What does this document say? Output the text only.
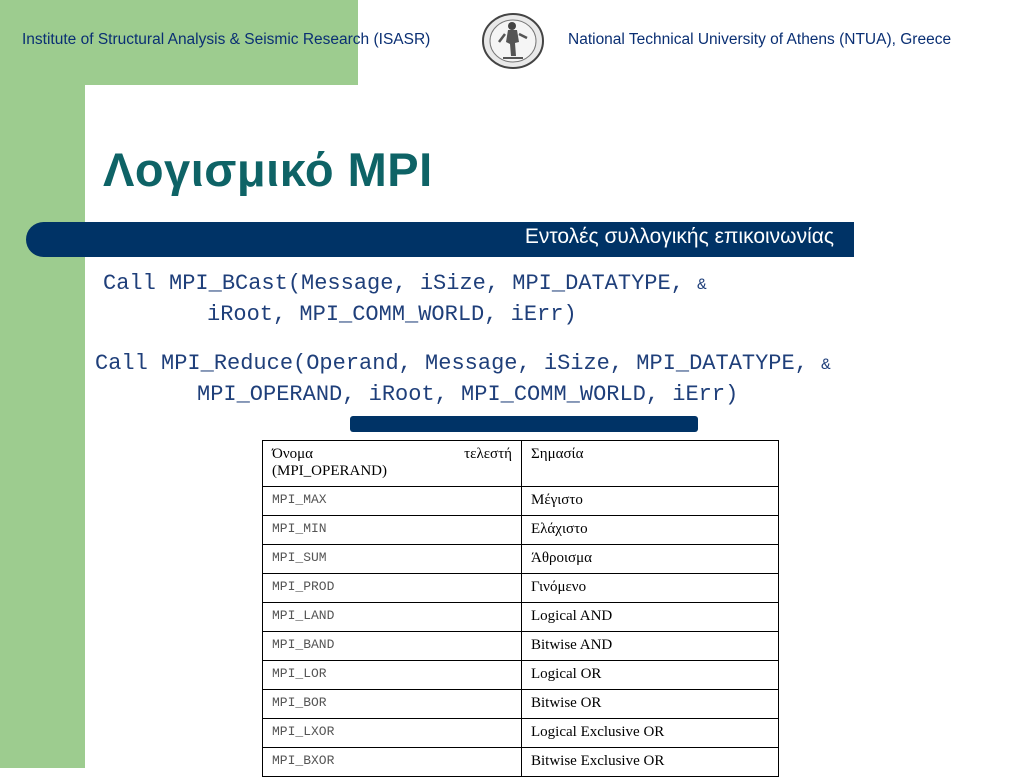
Institute of Structural Analysis & Seismic Research (ISASR)	National Technical University of Athens (NTUA), Greece
Λογισμικό MPI
Εντολές συλλογικής επικοινωνίας
Call MPI_BCast(Message, iSize, MPI_DATATYPE, &
iRoot, MPI_COMM_WORLD, iErr)
Call MPI_Reduce(Operand, Message, iSize, MPI_DATATYPE, &
MPI_OPERAND, iRoot, MPI_COMM_WORLD, iErr)
Όνομα τελεστή
(MPI_OPERAND)	Σημασία
MPI_MAX	Μέγιστο
MPI_MIN	Ελάχιστο
MPI_SUM	Άθροισμα
MPI_PROD	Γινόμενο
MPI_LAND	Logical AND
MPI_BAND	Bitwise AND
MPI_LOR	Logical OR
MPI_BOR	Bitwise OR
MPI_LXOR	Logical Exclusive OR
MPI_BXOR	Bitwise Exclusive OR
